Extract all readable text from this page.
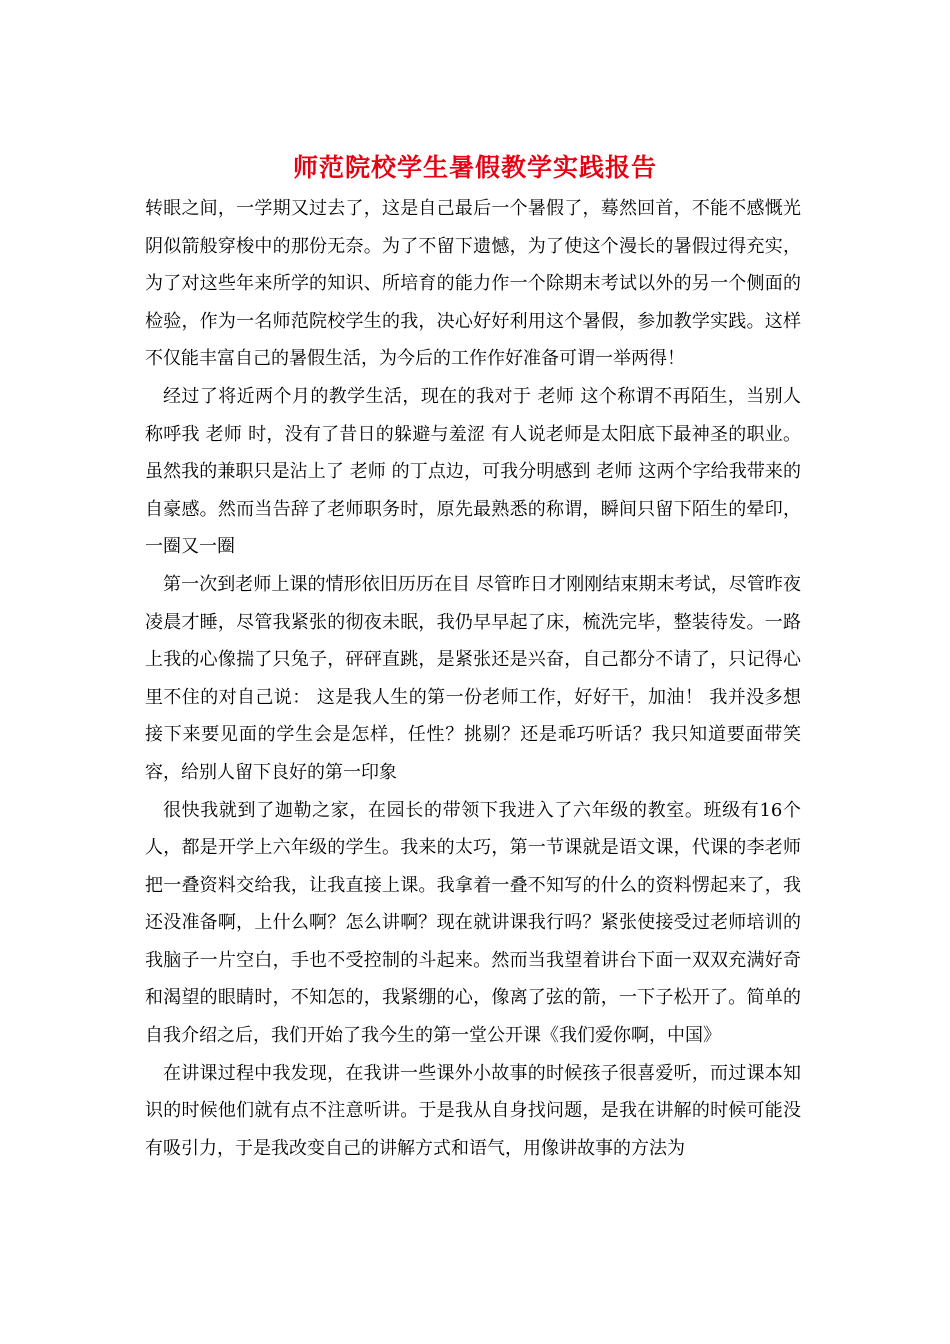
师范院校学生暑假教学实践报告

转眼之间，一学期又过去了，这是自己最后一个暑假了，蓦然回首，不能不感慨光阴似箭般穿梭中的那份无奈。为了不留下遗憾，为了使这个漫长的暑假过得充实，为了对这些年来所学的知识、所培育的能力作一个除期末考试以外的另一个侧面的检验，作为一名师范院校学生的我，决心好好利用这个暑假，参加教学实践。这样不仅能丰富自己的暑假生活，为今后的工作作好准备可谓一举两得！

经过了将近两个月的教学生活，现在的我对于 老师 这个称谓不再陌生，当别人称呼我 老师 时，没有了昔日的躲避与羞涩 有人说老师是太阳底下最神圣的职业。虽然我的兼职只是沾上了 老师 的丁点边，可我分明感到 老师 这两个字给我带来的自豪感。然而当告辞了老师职务时，原先最熟悉的称谓，瞬间只留下陌生的晕印，一圈又一圈

第一次到老师上课的情形依旧历历在目 尽管昨日才刚刚结束期末考试，尽管昨夜凌晨才睡，尽管我紧张的彻夜未眠，我仍早早起了床，梳洗完毕，整装待发。一路上我的心像揣了只兔子，砰砰直跳，是紧张还是兴奋，自己都分不请了，只记得心里不住的对自己说： 这是我人生的第一份老师工作，好好干，加油！ 我并没多想接下来要见面的学生会是怎样，任性？挑剔？还是乖巧听话？我只知道要面带笑容，给别人留下良好的第一印象

很快我就到了迦勒之家，在园长的带领下我进入了六年级的教室。班级有16个人，都是开学上六年级的学生。我来的太巧，第一节课就是语文课，代课的李老师把一叠资料交给我，让我直接上课。我拿着一叠不知写的什么的资料愣起来了，我还没准备啊，上什么啊？怎么讲啊？现在就讲课我行吗？紧张使接受过老师培训的我脑子一片空白，手也不受控制的斗起来。然而当我望着讲台下面一双双充满好奇和渴望的眼睛时，不知怎的，我紧绷的心，像离了弦的箭，一下子松开了。简单的自我介绍之后，我们开始了我今生的第一堂公开课《我们爱你啊，中国》

在讲课过程中我发现，在我讲一些课外小故事的时候孩子很喜爱听，而过课本知识的时候他们就有点不注意听讲。于是我从自身找问题，是我在讲解的时候可能没有吸引力，于是我改变自己的讲解方式和语气，用像讲故事的方法为
